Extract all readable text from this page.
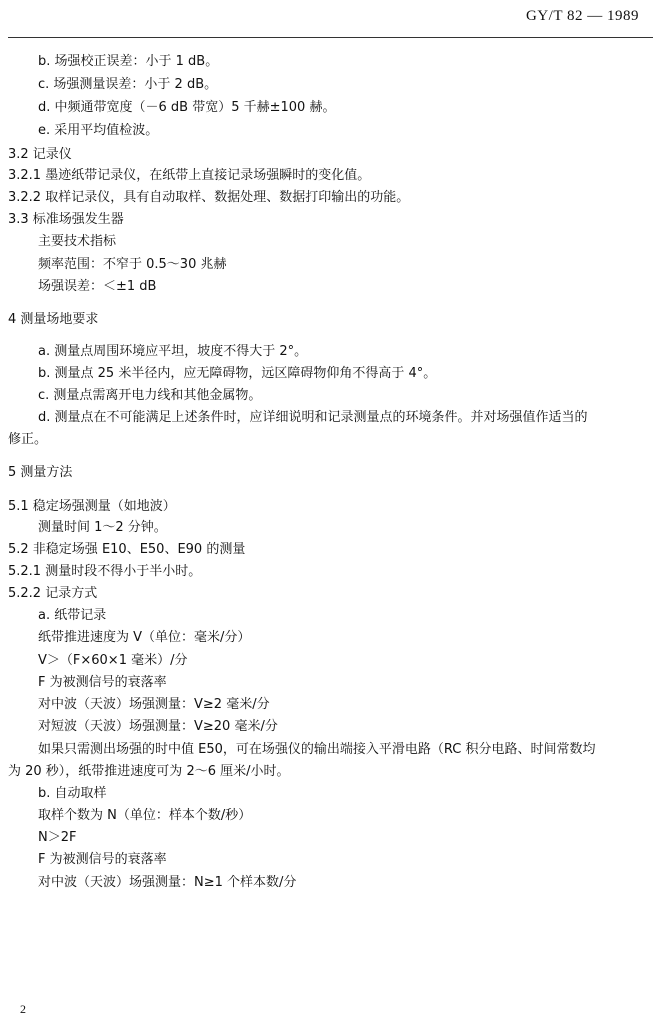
GY/T 82 — 1989
b. 场强校正误差：小于 1 dB。
c. 场强测量误差：小于 2 dB。
d. 中频通带宽度（－6 dB 带宽）5 千赫±100 赫。
e. 采用平均值检波。
3.2 记录仪
3.2.1 墨迹纸带记录仪，在纸带上直接记录场强瞬时的变化值。
3.2.2 取样记录仪，具有自动取样、数据处理、数据打印输出的功能。
3.3 标准场强发生器
主要技术指标
频率范围：不窄于 0.5～30 兆赫
场强误差：＜±1 dB
4 测量场地要求
a. 测量点周围环境应平坦，坡度不得大于 2°。
b. 测量点 25 米半径内，应无障碍物，远区障碍物仰角不得高于 4°。
c. 测量点需离开电力线和其他金属物。
d. 测量点在不可能满足上述条件时，应详细说明和记录测量点的环境条件。并对场强值作适当的
修正。
5 测量方法
5.1 稳定场强测量（如地波）
测量时间 1～2 分钟。
5.2 非稳定场强 E10、E50、E90 的测量
5.2.1 测量时段不得小于半小时。
5.2.2 记录方式
a. 纸带记录
纸带推进速度为 V（单位：毫米/分）
V＞（F×60×1 毫米）/分
F 为被测信号的衰落率
对中波（天波）场强测量：V≥2 毫米/分
对短波（天波）场强测量：V≥20 毫米/分
如果只需测出场强的时中值 E50，可在场强仪的输出端接入平滑电路（RC 积分电路、时间常数均
为 20 秒），纸带推进速度可为 2～6 厘米/小时。
b. 自动取样
取样个数为 N（单位：样本个数/秒）
N＞2F
F 为被测信号的衰落率
对中波（天波）场强测量：N≥1 个样本数/分
2
